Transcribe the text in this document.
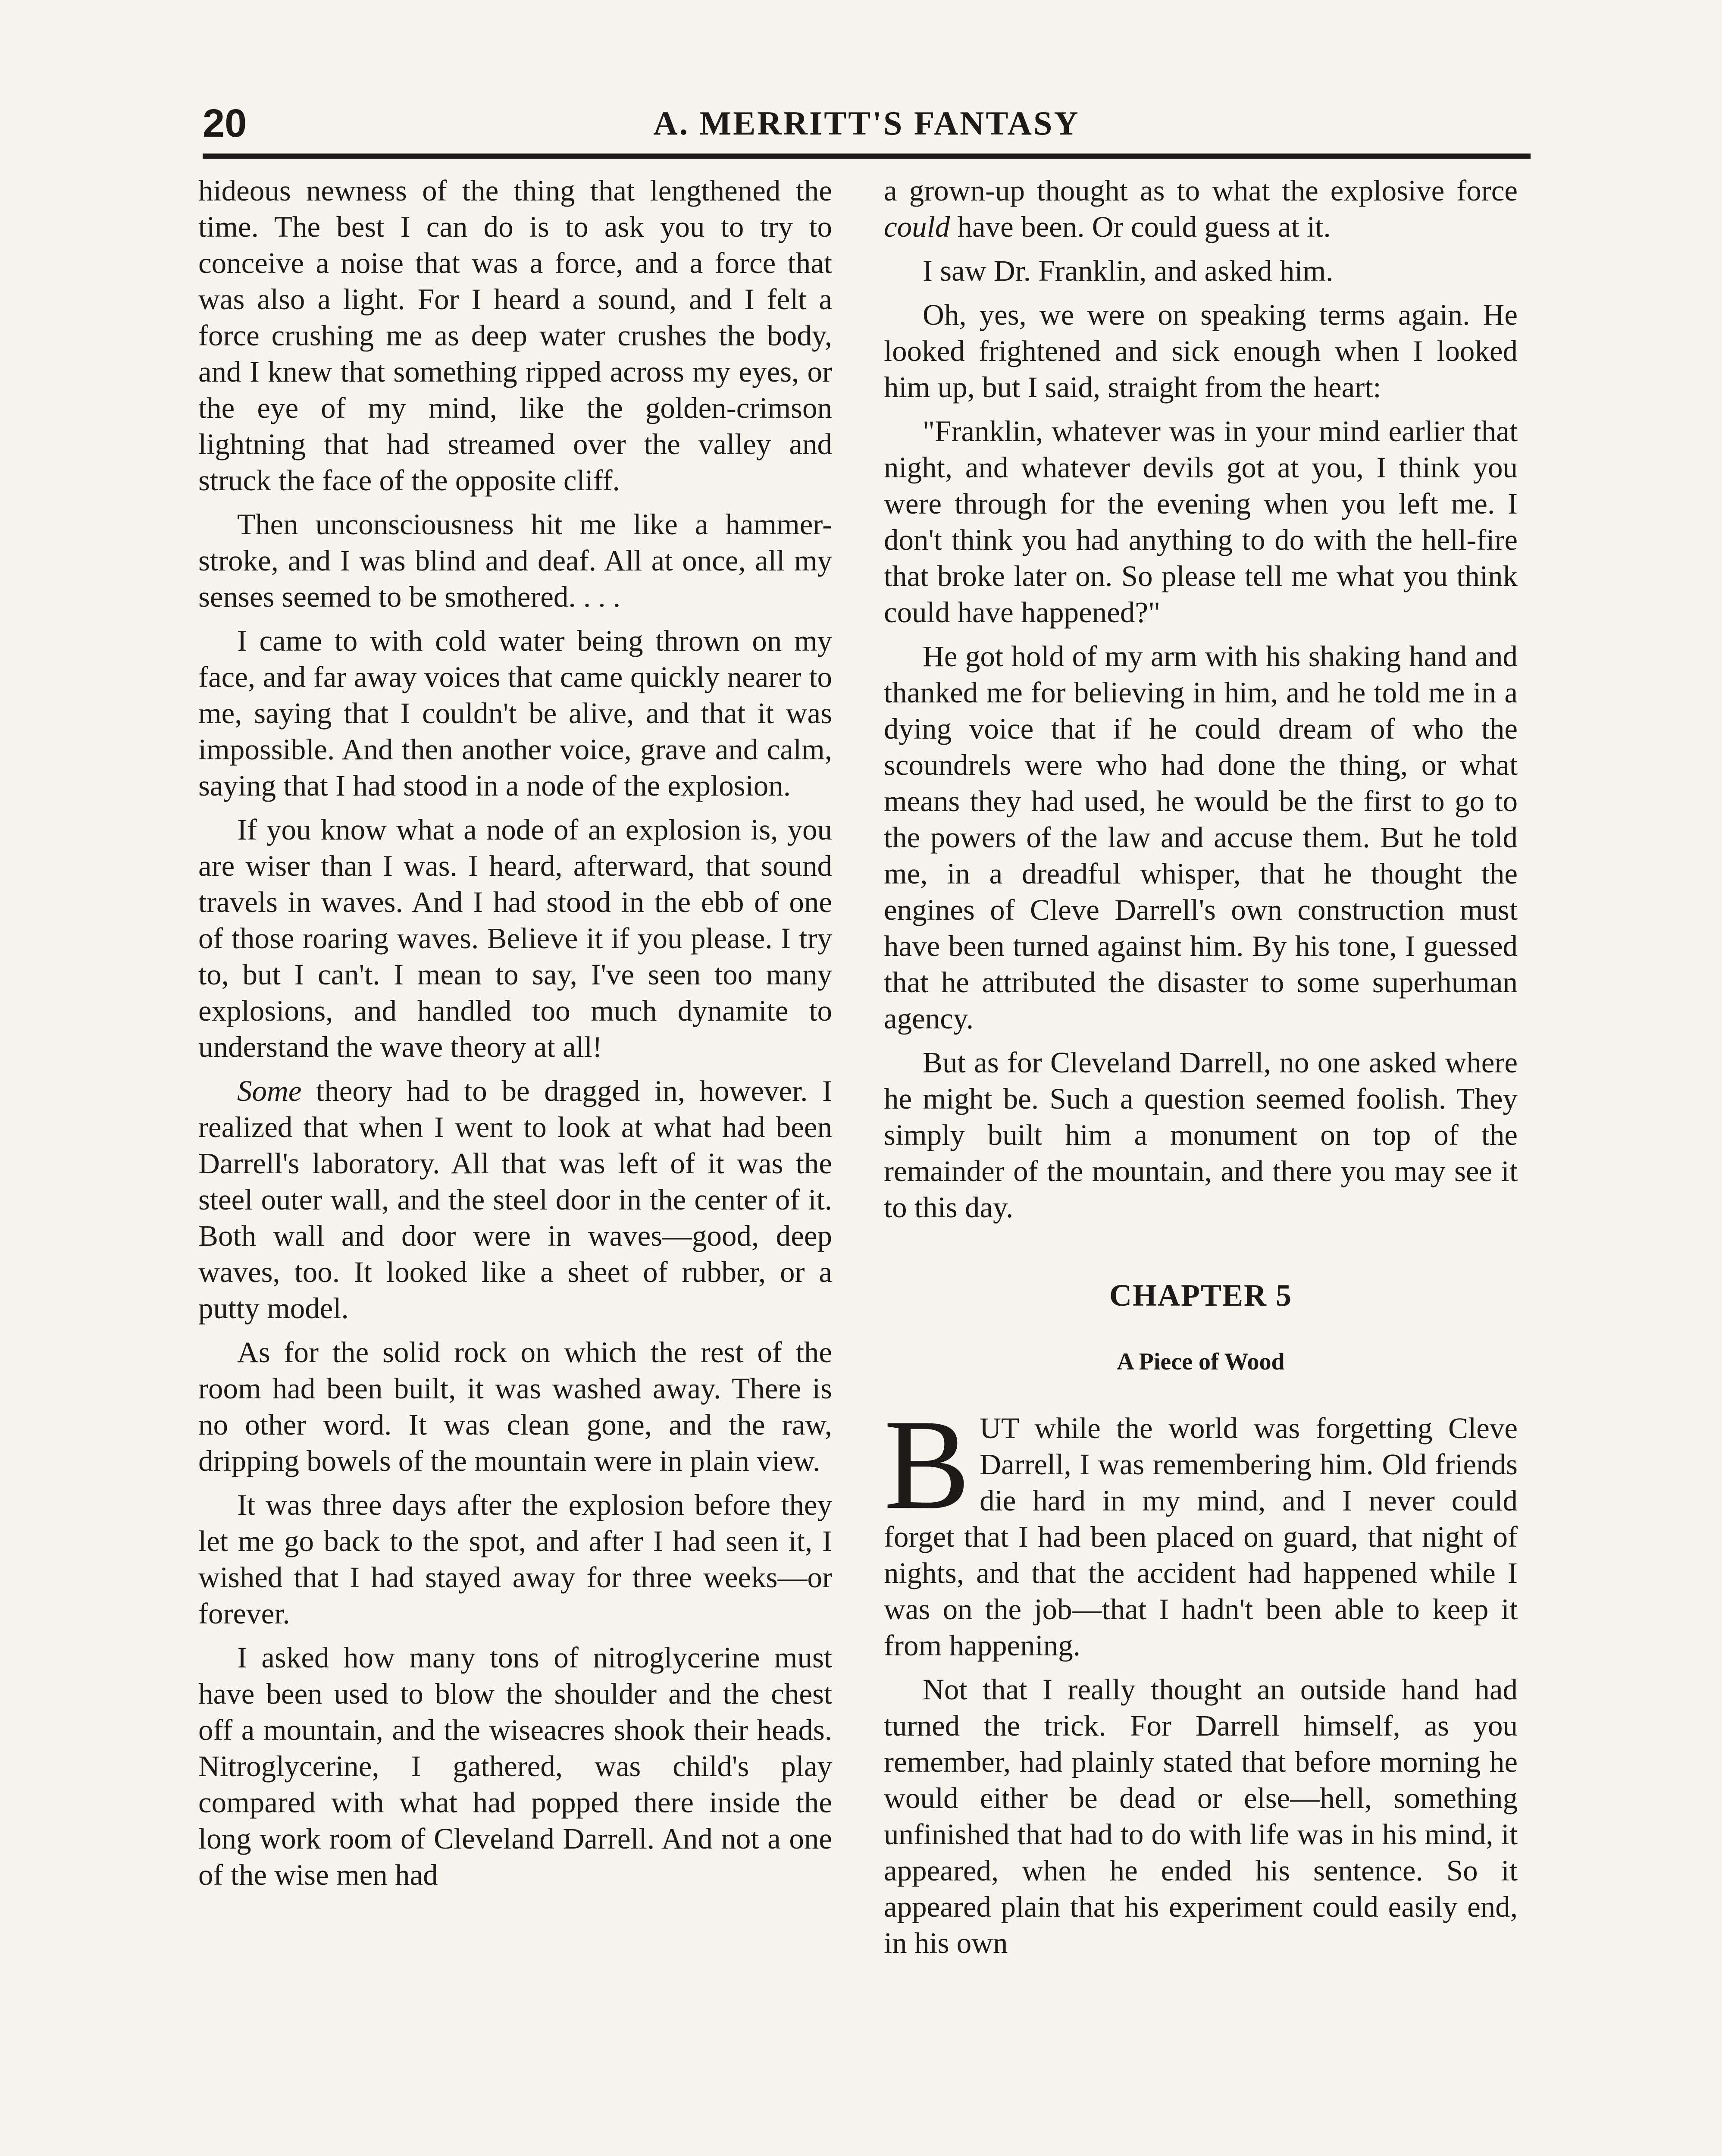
20	A. MERRITT'S FANTASY

hideous newness of the thing that lengthened the time. The best I can do is to ask you to try to conceive a noise that was a force, and a force that was also a light. For I heard a sound, and I felt a force crushing me as deep water crushes the body, and I knew that something ripped across my eyes, or the eye of my mind, like the golden-crimson lightning that had streamed over the valley and struck the face of the opposite cliff.

Then unconsciousness hit me like a hammer-stroke, and I was blind and deaf. All at once, all my senses seemed to be smothered. . . .

I came to with cold water being thrown on my face, and far away voices that came quickly nearer to me, saying that I couldn't be alive, and that it was impossible. And then another voice, grave and calm, saying that I had stood in a node of the explosion.

If you know what a node of an explosion is, you are wiser than I was. I heard, afterward, that sound travels in waves. And I had stood in the ebb of one of those roaring waves. Believe it if you please. I try to, but I can't. I mean to say, I've seen too many explosions, and handled too much dynamite to understand the wave theory at all!

Some theory had to be dragged in, however. I realized that when I went to look at what had been Darrell's laboratory. All that was left of it was the steel outer wall, and the steel door in the center of it. Both wall and door were in waves—good, deep waves, too. It looked like a sheet of rubber, or a putty model.

As for the solid rock on which the rest of the room had been built, it was washed away. There is no other word. It was clean gone, and the raw, dripping bowels of the mountain were in plain view.

It was three days after the explosion before they let me go back to the spot, and after I had seen it, I wished that I had stayed away for three weeks—or forever.

I asked how many tons of nitroglycerine must have been used to blow the shoulder and the chest off a mountain, and the wiseacres shook their heads. Nitroglycerine, I gathered, was child's play compared with what had popped there inside the long work room of Cleveland Darrell. And not a one of the wise men had

a grown-up thought as to what the explosive force could have been. Or could guess at it.

I saw Dr. Franklin, and asked him.

Oh, yes, we were on speaking terms again. He looked frightened and sick enough when I looked him up, but I said, straight from the heart:

"Franklin, whatever was in your mind earlier that night, and whatever devils got at you, I think you were through for the evening when you left me. I don't think you had anything to do with the hell-fire that broke later on. So please tell me what you think could have happened?"

He got hold of my arm with his shaking hand and thanked me for believing in him, and he told me in a dying voice that if he could dream of who the scoundrels were who had done the thing, or what means they had used, he would be the first to go to the powers of the law and accuse them. But he told me, in a dreadful whisper, that he thought the engines of Cleve Darrell's own construction must have been turned against him. By his tone, I guessed that he attributed the disaster to some superhuman agency.

But as for Cleveland Darrell, no one asked where he might be. Such a question seemed foolish. They simply built him a monument on top of the remainder of the mountain, and there you may see it to this day.

CHAPTER 5
A Piece of Wood

BUT while the world was forgetting Cleve Darrell, I was remembering him. Old friends die hard in my mind, and I never could forget that I had been placed on guard, that night of nights, and that the accident had happened while I was on the job—that I hadn't been able to keep it from happening.

Not that I really thought an outside hand had turned the trick. For Darrell himself, as you remember, had plainly stated that before morning he would either be dead or else—hell, something unfinished that had to do with life was in his mind, it appeared, when he ended his sentence. So it appeared plain that his experiment could easily end, in his own
